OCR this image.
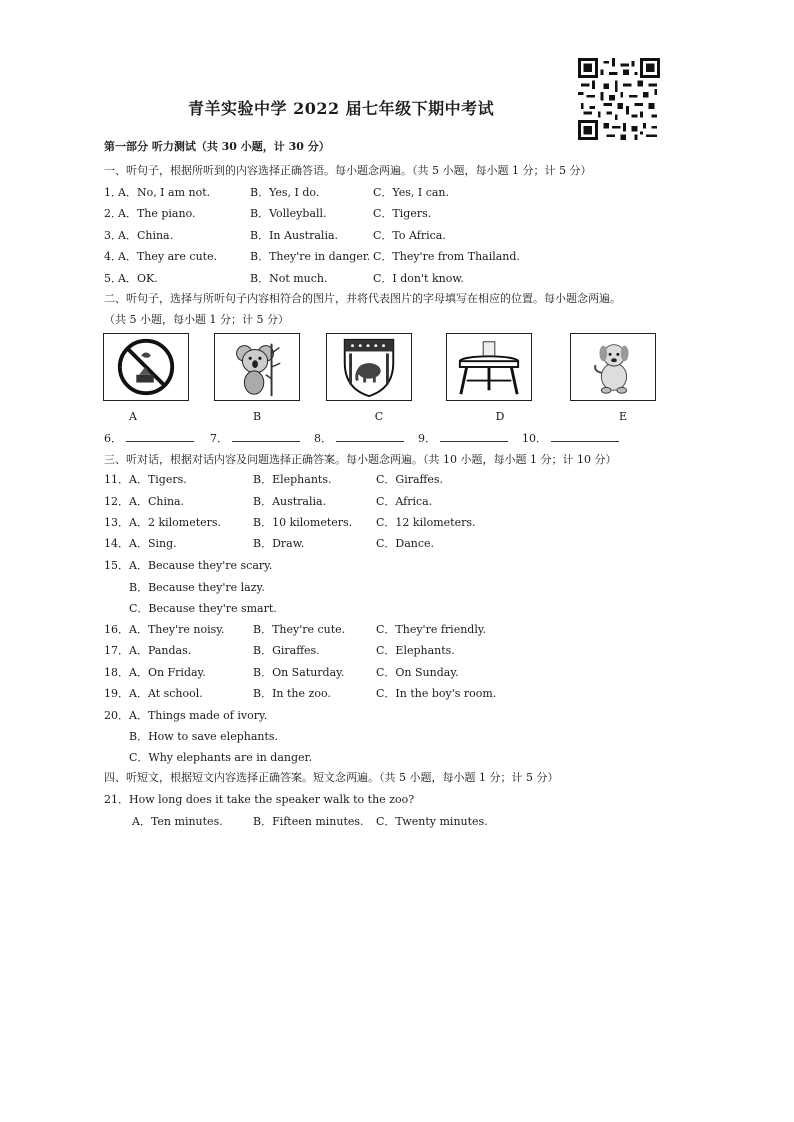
青羊实验中学 2022 届七年级下期中考试
第一部分 听力测试（共 30 小题，计 30 分）
一、听句子，根据所听到的内容选择正确答语。每小题念两遍。（共 5 小题，每小题 1 分；计 5 分）
1．
A．No, I am not.	B．Yes, I do.	C．Yes, I can.
2．
A．The piano.	B．Volleyball.	C．Tigers.
3．
A．China.	B．In Australia.	C．To Africa.
4．
A．They are cute.	B．They're in danger. C．They're from Thailand.
5．
A．OK.	B．Not much.	C．I don't know.
二、听句子，选择与所听句子内容相符合的图片，并将代表图片的字母填写在相应的位置。每小题念两遍。
（共 5 小题，每小题 1 分；计 5 分）
A	B	C	D	E
6．	7．	8．	9．	10．
三、听对话，根据对话内容及问题选择正确答案。每小题念两遍。（共 10 小题，每小题 1 分；计 10 分）
11． A．Tigers.	B．Elephants.	C．Giraffes.
12． A．China.	B．Australia.	C．Africa.
13． A．2 kilometers.	B．10 kilometers. C．12 kilometers.
14． A．Sing.	B．Draw.	C．Dance.
15． A．Because they're scary.
B．Because they're lazy.
C．Because they're smart.
16． A．They're noisy.	B．They're cute.	C．They're friendly.
17． A．Pandas.	B．Giraffes.	C．Elephants.
18． A．On Friday.	B．On Saturday.	C．On Sunday.
19． A．At school.	B．In the zoo.	C．In the boy's room.
20． A．Things made of ivory.
B．How to save elephants.
C．Why elephants are in danger.
四、听短文，根据短文内容选择正确答案。短文念两遍。（共 5 小题，每小题 1 分；计 5 分）
21．How long does it take the speaker walk to the zoo?
A．Ten minutes.	B．Fifteen minutes. C．Twenty minutes.
